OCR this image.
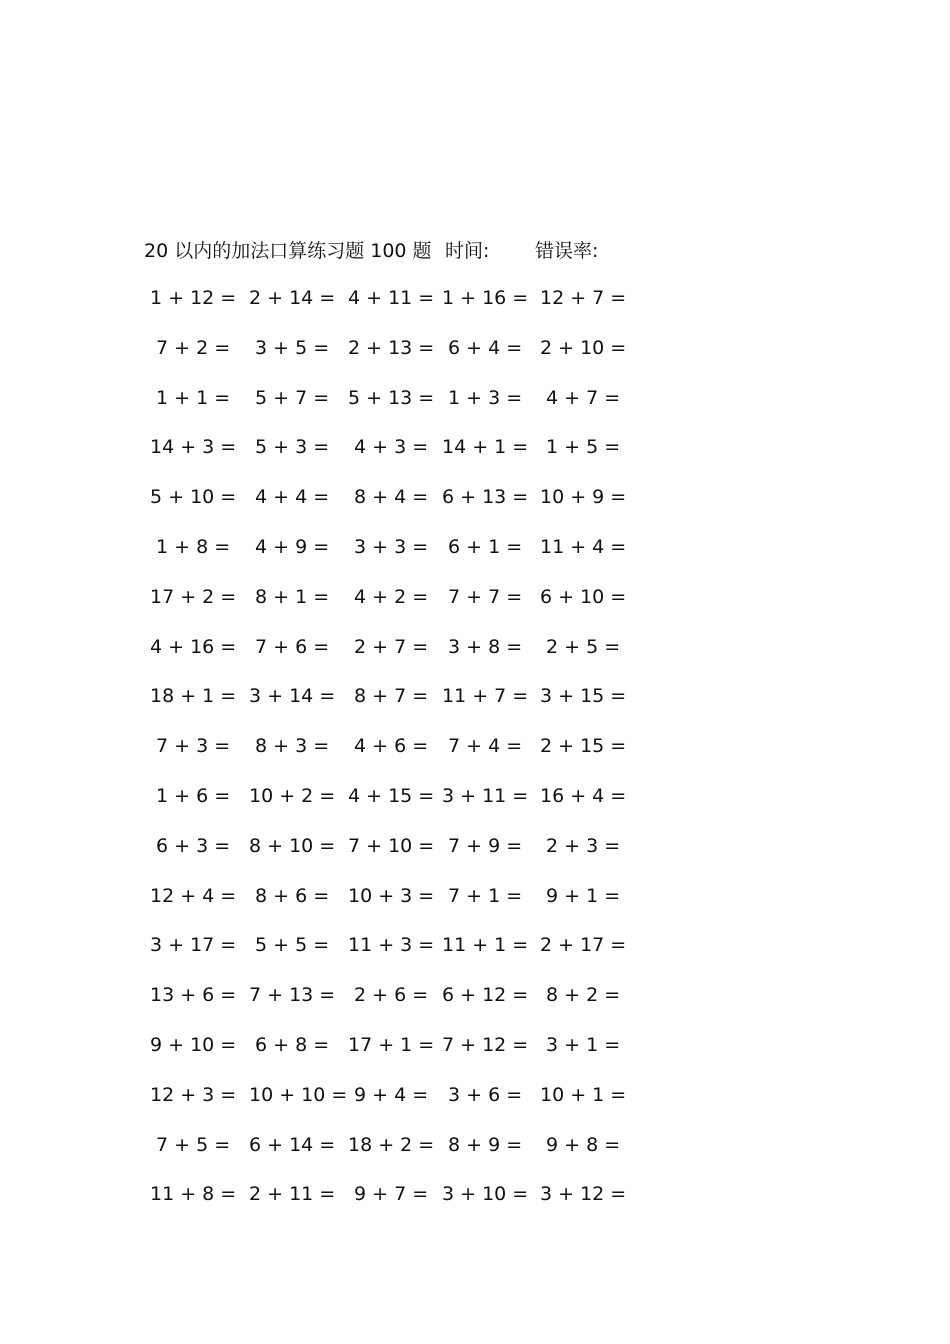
20 以内的加法口算练习题 100 题

时间:

错误率:

1 + 12 = 2 + 14 = 4 + 11 = 1 + 16 = 12 + 7 =
7 + 2 = 3 + 5 = 2 + 13 = 6 + 4 = 2 + 10 =
1 + 1 = 5 + 7 = 5 + 13 = 1 + 3 = 4 + 7 =
14 + 3 = 5 + 3 = 4 + 3 = 14 + 1 = 1 + 5 =
5 + 10 = 4 + 4 = 8 + 4 = 6 + 13 = 10 + 9 =
1 + 8 = 4 + 9 = 3 + 3 = 6 + 1 = 11 + 4 =
17 + 2 = 8 + 1 = 4 + 2 = 7 + 7 = 6 + 10 =
4 + 16 = 7 + 6 = 2 + 7 = 3 + 8 = 2 + 5 =
18 + 1 = 3 + 14 = 8 + 7 = 11 + 7 = 3 + 15 =
7 + 3 = 8 + 3 = 4 + 6 = 7 + 4 = 2 + 15 =
1 + 6 = 10 + 2 = 4 + 15 = 3 + 11 = 16 + 4 =
6 + 3 = 8 + 10 = 7 + 10 = 7 + 9 = 2 + 3 =
12 + 4 = 8 + 6 = 10 + 3 = 7 + 1 = 9 + 1 =
3 + 17 = 5 + 5 = 11 + 3 = 11 + 1 = 2 + 17 =
13 + 6 = 7 + 13 = 2 + 6 = 6 + 12 = 8 + 2 =
9 + 10 = 6 + 8 = 17 + 1 = 7 + 12 = 3 + 1 =
12 + 3 = 10 + 10 = 9 + 4 = 3 + 6 = 10 + 1 =
7 + 5 = 6 + 14 = 18 + 2 = 8 + 9 = 9 + 8 =
11 + 8 = 2 + 11 = 9 + 7 = 3 + 10 = 3 + 12 =
